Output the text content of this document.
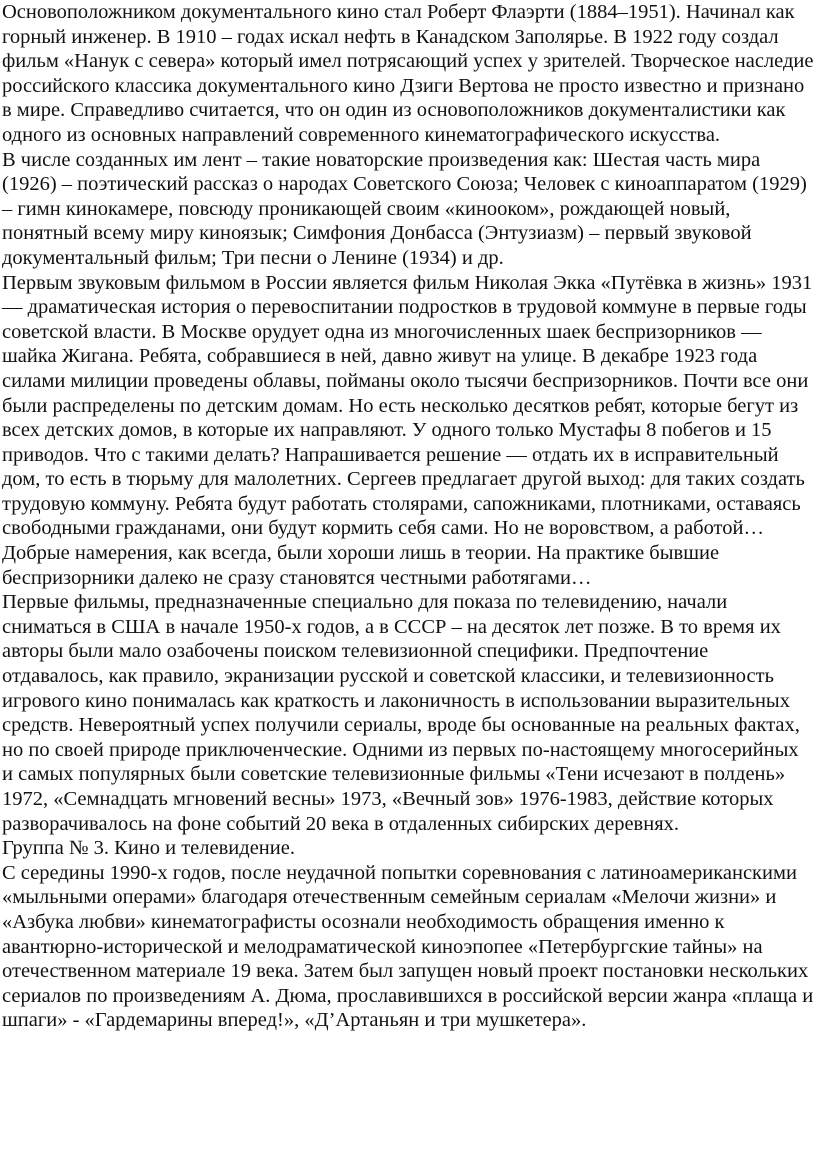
Основоположником документального кино стал Роберт Флаэрти (1884–1951). Начинал как горный инженер. В 1910 – годах искал нефть в Канадском Заполярье. В 1922 году создал фильм «Нанук с севера» который имел потрясающий успех у зрителей. Творческое наследие российского классика документального кино Дзиги Вертова не просто известно и признано в мире. Справедливо считается, что он один из основоположников документалистики как одного из основных направлений современного кинематографического искусства.

В числе созданных им лент – такие новаторские произведения как: Шестая часть мира (1926) – поэтический рассказ о народах Советского Союза; Человек с киноаппаратом (1929) – гимн кинокамере, повсюду проникающей своим «кинооком», рождающей новый, понятный всему миру киноязык; Симфония Донбасса (Энтузиазм) – первый звуковой документальный фильм; Три песни о Ленине (1934) и др.

Первым звуковым фильмом в России является фильм Николая Экка «Путёвка в жизнь» 1931 — драматическая история о перевоспитании подростков в трудовой коммуне в первые годы советской власти. В Москве орудует одна из многочисленных шаек беспризорников — шайка Жигана. Ребята, собравшиеся в ней, давно живут на улице. В декабре 1923 года силами милиции проведены облавы, пойманы около тысячи беспризорников. Почти все они были распределены по детским домам. Но есть несколько десятков ребят, которые бегут из всех детских домов, в которые их направляют. У одного только Мустафы 8 побегов и 15 приводов. Что с такими делать? Напрашивается решение — отдать их в исправительный дом, то есть в тюрьму для малолетних. Сергеев предлагает другой выход: для таких создать трудовую коммуну. Ребята будут работать столярами, сапожниками, плотниками, оставаясь свободными гражданами, они будут кормить себя сами. Но не воровством, а работой… Добрые намерения, как всегда, были хороши лишь в теории. На практике бывшие беспризорники далеко не сразу становятся честными работягами…

Первые фильмы, предназначенные специально для показа по телевидению, начали сниматься в США в начале 1950-х годов, а в СССР – на десяток лет позже. В то время их авторы были мало озабочены поиском телевизионной специфики. Предпочтение отдавалось, как правило, экранизации русской и советской классики, и телевизионность игрового кино понималась как краткость и лаконичность в использовании выразительных средств. Невероятный успех получили сериалы, вроде бы основанные на реальных фактах, но по своей природе приключенческие. Одними из первых по-настоящему многосерийных и самых популярных были советские телевизионные фильмы «Тени исчезают в полдень» 1972, «Семнадцать мгновений весны» 1973, «Вечный зов» 1976-1983, действие которых разворачивалось на фоне событий 20 века в отдаленных сибирских деревнях.

Группа № 3. Кино и телевидение.

С середины 1990-х годов, после неудачной попытки соревнования с латиноамериканскими «мыльными операми» благодаря отечественным семейным сериалам «Мелочи жизни» и «Азбука любви» кинематографисты осознали необходимость обращения именно к авантюрно-исторической и мелодраматической киноэпопее «Петербургские тайны» на отечественном материале 19 века. Затем был запущен новый проект постановки нескольких сериалов по произведениям А. Дюма, прославившихся в российской версии жанра «плаща и шпаги» - «Гардемарины вперед!», «Д’Артаньян и три мушкетера».
